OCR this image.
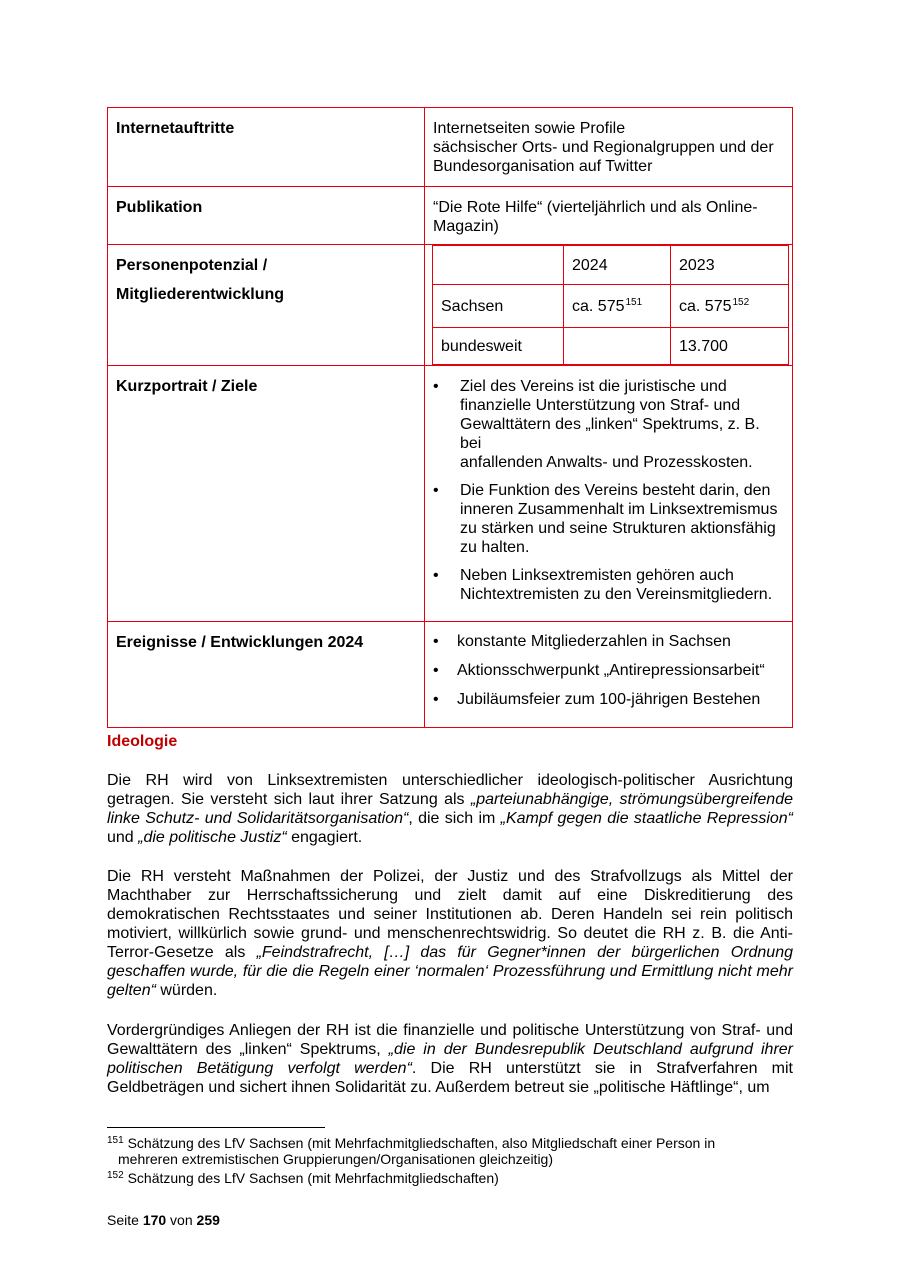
Internetauftritte	Internetseiten sowie Profile
sächsischer Orts- und Regionalgruppen und der
Bundesorganisation auf Twitter
Publikation	“Die Rote Hilfe“ (vierteljährlich und als Online-
Magazin)

Personenpotenzial /
Mitgliederentwicklung

	2024	2023
Sachsen	ca. $575^{151}$	ca. $575^{152}$
bundesweit		13.700

Kurzportrait / Ziele	
•Ziel des Vereins ist die juristische und
finanzielle Unterstützung von Straf- und
Gewalttätern des „linken“ Spektrums, z. B. bei
anfallenden Anwalts- und Prozesskosten.
• Die Funktion des Vereins besteht darin, den
inneren Zusammenhalt im Linksextremismus
zu stärken und seine Strukturen aktionsfähig
zu halten.
• Neben Linksextremisten gehören auch
Nichtextremisten zu den Vereinsmitgliedern.

Ereignisse / Entwicklungen 2024	
•konstante Mitgliederzahlen in Sachsen
• Aktionsschwerpunkt „Antirepressionsarbeit“
• Jubiläumsfeier zum 100-jährigen Bestehen
Ideologie
Die RH wird von Linksextremisten unterschiedlicher ideologisch-politischer Ausrichtung getragen. Sie versteht sich laut ihrer Satzung als „parteiunabhängige, strömungsübergreifende linke Schutz- und Solidaritätsorganisation“, die sich im „Kampf gegen die staatliche Repression“ und „die politische Justiz“ engagiert.
Die RH versteht Maßnahmen der Polizei, der Justiz und des Strafvollzugs als Mittel der Machthaber zur Herrschaftssicherung und zielt damit auf eine Diskreditierung des demokratischen Rechtsstaates und seiner Institutionen ab. Deren Handeln sei rein politisch motiviert, willkürlich sowie grund- und menschenrechtswidrig. So deutet die RH z. B. die Anti-Terror-Gesetze als „Feindstrafrecht, […] das für Gegner*innen der bürgerlichen Ordnung geschaffen wurde, für die die Regeln einer ‘normalen‘ Prozessführung und Ermittlung nicht mehr gelten“ würden.
Vordergründiges Anliegen der RH ist die finanzielle und politische Unterstützung von Straf- und Gewalttätern des „linken“ Spektrums, „die in der Bundesrepublik Deutschland aufgrund ihrer politischen Betätigung verfolgt werden“. Die RH unterstützt sie in Strafverfahren mit Geldbeträgen und sichert ihnen Solidarität zu. Außerdem betreut sie „politische Häftlinge“, um
$^{151}$ Schätzung des LfV Sachsen (mit Mehrfachmitgliedschaften, also Mitgliedschaft einer Person in
mehreren extremistischen Gruppierungen/Organisationen gleichzeitig)
$^{152}$ Schätzung des LfV Sachsen (mit Mehrfachmitgliedschaften)
Seite 170 von 259
